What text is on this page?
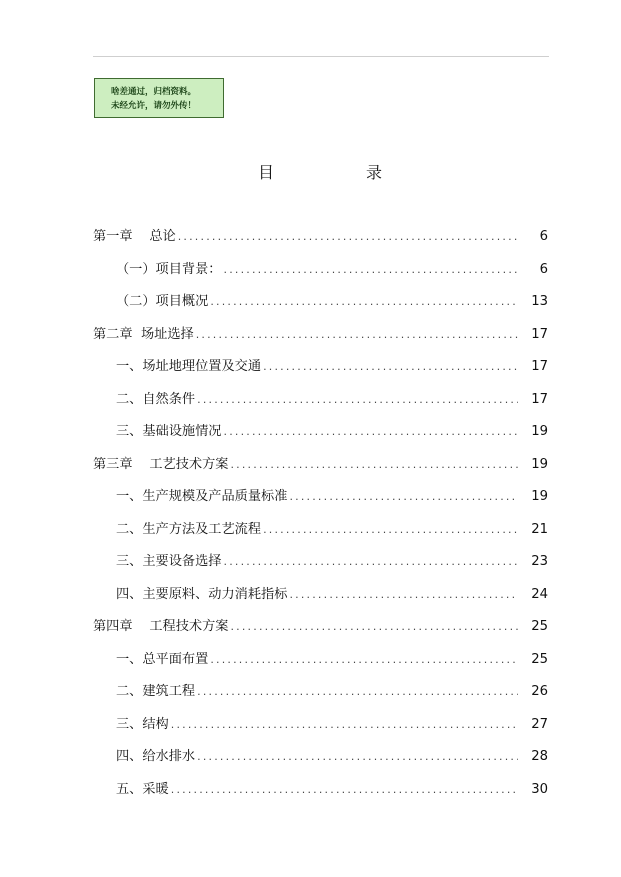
啥差通过，归档资料。
未经允许，请勿外传！
目	录
第一章    总论 .....	6
（一）项目背景： .....	6
（二）项目概况 .....	13
第二章  场址选择 .....	17
一、场址地理位置及交通 .....	17
二、自然条件 .....	17
三、基础设施情况 .....	19
第三章    工艺技术方案 .....	19
一、生产规模及产品质量标准 .....	19
二、生产方法及工艺流程 .....	21
三、主要设备选择 .....	23
四、主要原料、动力消耗指标 .....	24
第四章    工程技术方案 .....	25
一、总平面布置 .....	25
二、建筑工程 .....	26
三、结构 .....	27
四、给水排水 .....	28
五、采暖 .....	30
